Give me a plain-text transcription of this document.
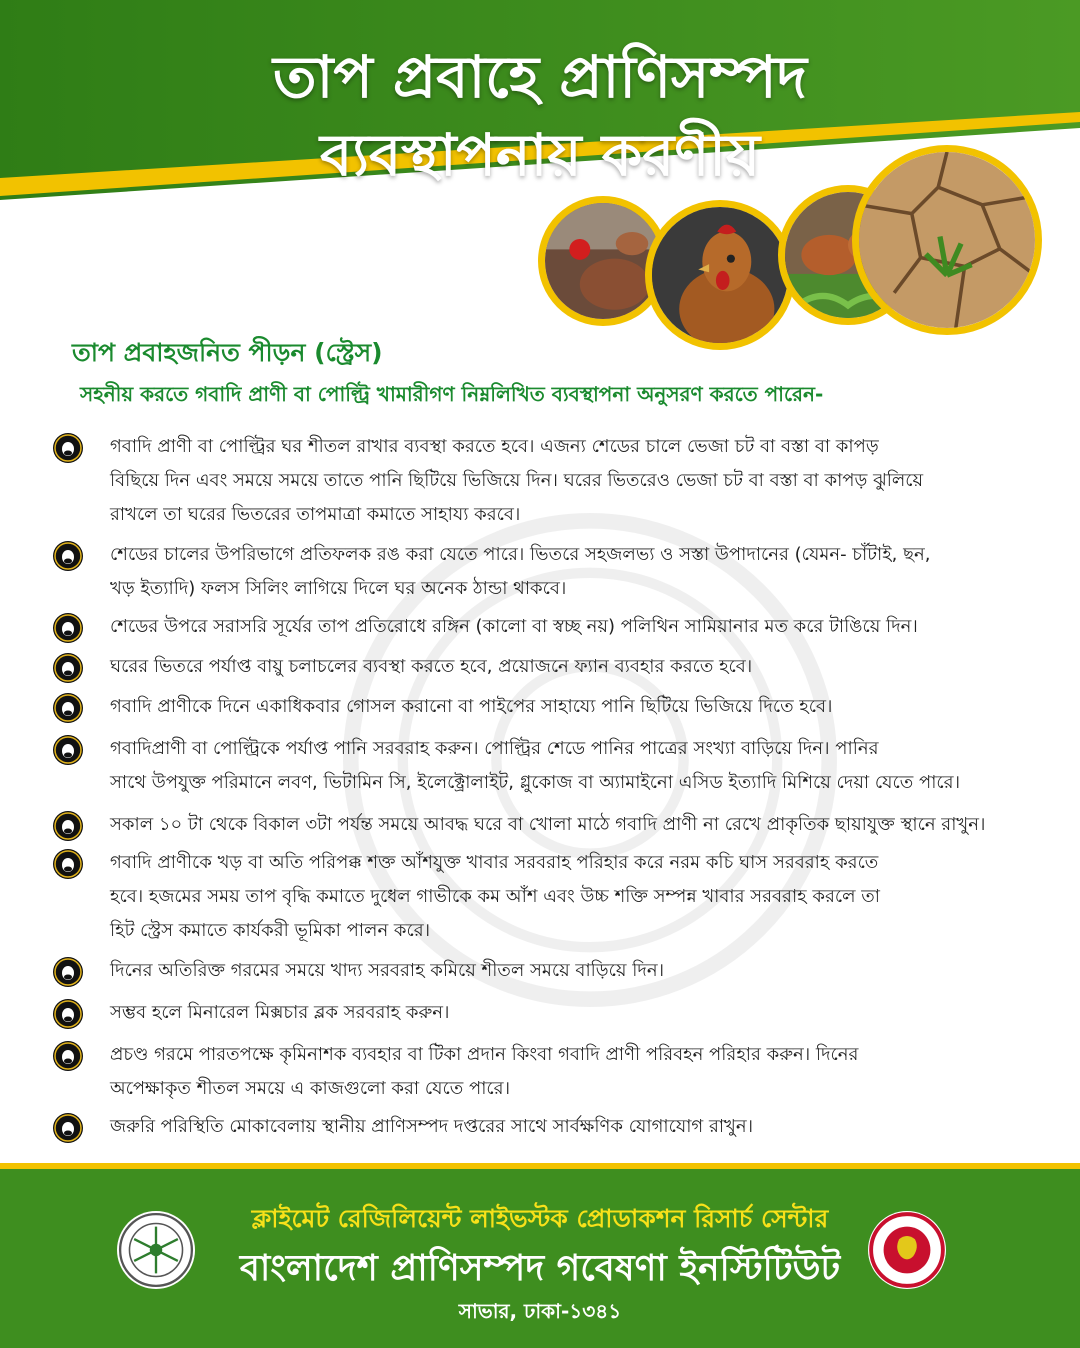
তাপ প্রবাহে প্রাণিসম্পদ
ব্যবস্থাপনায় করণীয়
তাপ প্রবাহজনিত পীড়ন (স্ট্রেস)
সহনীয় করতে গবাদি প্রাণী বা পোল্ট্রি খামারীগণ নিম্নলিখিত ব্যবস্থাপনা অনুসরণ করতে পারেন-
গবাদি প্রাণী বা পোল্ট্রির ঘর শীতল রাখার ব্যবস্থা করতে হবে। এজন্য শেডের চালে ভেজা চট বা বস্তা বা কাপড়
বিছিয়ে দিন এবং সময়ে সময়ে তাতে পানি ছিটিয়ে ভিজিয়ে দিন। ঘরের ভিতরেও ভেজা চট বা বস্তা বা কাপড় ঝুলিয়ে
রাখলে তা ঘরের ভিতরের তাপমাত্রা কমাতে সাহায্য করবে।
শেডের চালের উপরিভাগে প্রতিফলক রঙ করা যেতে পারে। ভিতরে সহজলভ্য ও সস্তা উপাদানের (যেমন- চাঁটাই, ছন,
খড় ইত্যাদি) ফলস সিলিং লাগিয়ে দিলে ঘর অনেক ঠান্ডা থাকবে।
শেডের উপরে সরাসরি সূর্যের তাপ প্রতিরোধে রঙ্গিন (কালো বা স্বচ্ছ নয়) পলিথিন সামিয়ানার মত করে টাঙিয়ে দিন।
ঘরের ভিতরে পর্যাপ্ত বায়ু চলাচলের ব্যবস্থা করতে হবে, প্রয়োজনে ফ্যান ব্যবহার করতে হবে।
গবাদি প্রাণীকে দিনে একাধিকবার গোসল করানো বা পাইপের সাহায্যে পানি ছিটিয়ে ভিজিয়ে দিতে হবে।
গবাদিপ্রাণী বা পোল্ট্রিকে পর্যাপ্ত পানি সরবরাহ করুন। পোল্ট্রির শেডে পানির পাত্রের সংখ্যা বাড়িয়ে দিন। পানির
সাথে উপযুক্ত পরিমানে লবণ, ভিটামিন সি, ইলেক্ট্রোলাইট, গ্লুকোজ বা অ্যামাইনো এসিড ইত্যাদি মিশিয়ে দেয়া যেতে পারে।
সকাল ১০ টা থেকে বিকাল ৩টা পর্যন্ত সময়ে আবদ্ধ ঘরে বা খোলা মাঠে গবাদি প্রাণী না রেখে প্রাকৃতিক ছায়াযুক্ত স্থানে রাখুন।
গবাদি প্রাণীকে খড় বা অতি পরিপক্ক শক্ত আঁশযুক্ত খাবার সরবরাহ পরিহার করে নরম কচি ঘাস সরবরাহ করতে
হবে। হজমের সময় তাপ বৃদ্ধি কমাতে দুধেল গাভীকে কম আঁশ এবং উচ্চ শক্তি সম্পন্ন খাবার সরবরাহ করলে তা
হিট স্ট্রেস কমাতে কার্যকরী ভূমিকা পালন করে।
দিনের অতিরিক্ত গরমের সময়ে খাদ্য সরবরাহ কমিয়ে শীতল সময়ে বাড়িয়ে দিন।
সম্ভব হলে মিনারেল মিক্সচার ব্লক সরবরাহ করুন।
প্রচণ্ড গরমে পারতপক্ষে কৃমিনাশক ব্যবহার বা টিকা প্রদান কিংবা গবাদি প্রাণী পরিবহন পরিহার করুন। দিনের
অপেক্ষাকৃত শীতল সময়ে এ কাজগুলো করা যেতে পারে।
জরুরি পরিস্থিতি মোকাবেলায় স্থানীয় প্রাণিসম্পদ দপ্তরের সাথে সার্বক্ষণিক যোগাযোগ রাখুন।
ক্লাইমেট রেজিলিয়েন্ট লাইভস্টক প্রোডাকশন রিসার্চ সেন্টার
বাংলাদেশ প্রাণিসম্পদ গবেষণা ইনস্টিটিউট
সাভার, ঢাকা-১৩৪১
